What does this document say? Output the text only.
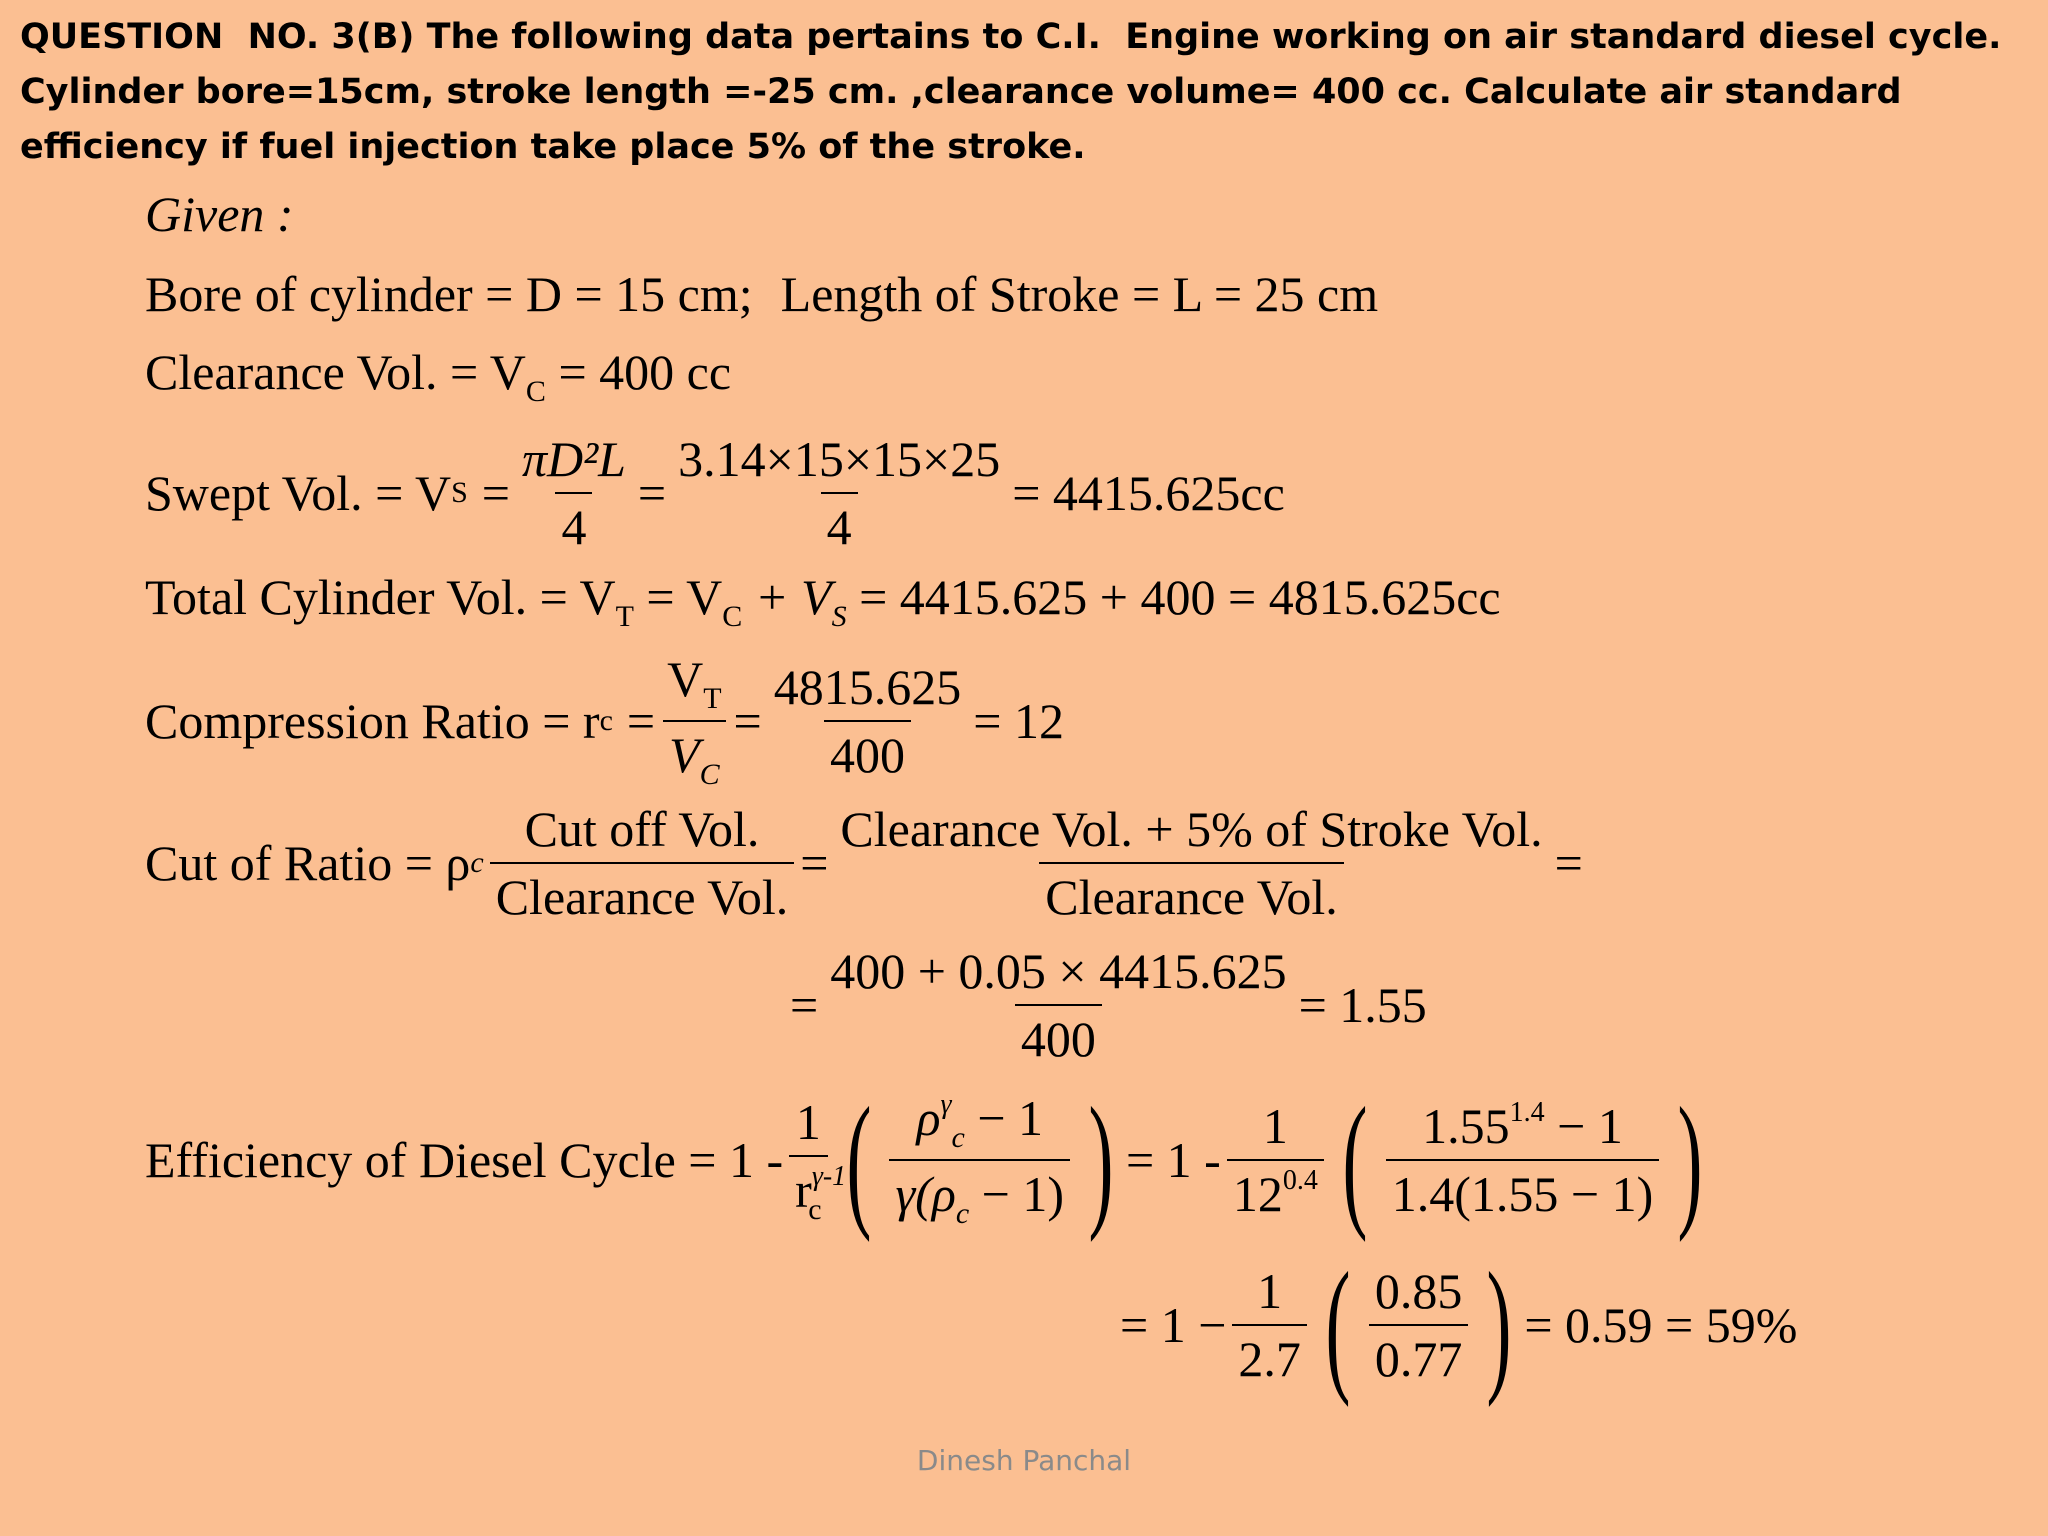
QUESTION  NO. 3(B) The following data pertains to C.I.  Engine working on air standard diesel cycle. Cylinder bore=15cm, stroke length =-25 cm. ,clearance volume= 400 cc. Calculate air standard efficiency if fuel injection take place 5% of the stroke.

Given :
Bore of cylinder = D = 15 cm; Length of Stroke = L = 25 cm
Clearance Vol. = $V_C = 400$ cc
Swept Vol. = V $S = \frac{\text{πD²L}}{4} = \frac{3.14\times 15\times 15\times 25}{4} = 4415.625cc$
Total Cylinder Vol. = $V_T = V_C + V_S = 4415.625 + 400 = 4815.625cc$
Compression Ratio = r $c = \frac{V_T}{V_C} = \frac{4815.625}{400} = 12$
Cut of Ratio = ρ c $\frac{\text{Cut off Vol.}}{\text{Clearance Vol.}} = \frac{\text{Clearance Vol. + 5\% of Stroke Vol.}}{\text{Clearance Vol.}}$ =
= $\frac{400 + 0.05 \times 4415.625}{400} = 1.55$
Efficiency of Diesel Cycle = $1 - \frac{1}{r^{\gamma-1}_c}$ ( $\frac{\rho^\gamma_c - 1}{\gamma(\rho_c - 1)}$ ) = $1 - \frac{1}{12^{0.4}}$ ( $\frac{1.55^{1.4} - 1}{1.4(1.55 - 1)}$ )
= $1 - \frac{1}{2.7}$ ( $\frac{0.85}{0.77}$ ) = 0.59 = 59%
Dinesh Panchal
